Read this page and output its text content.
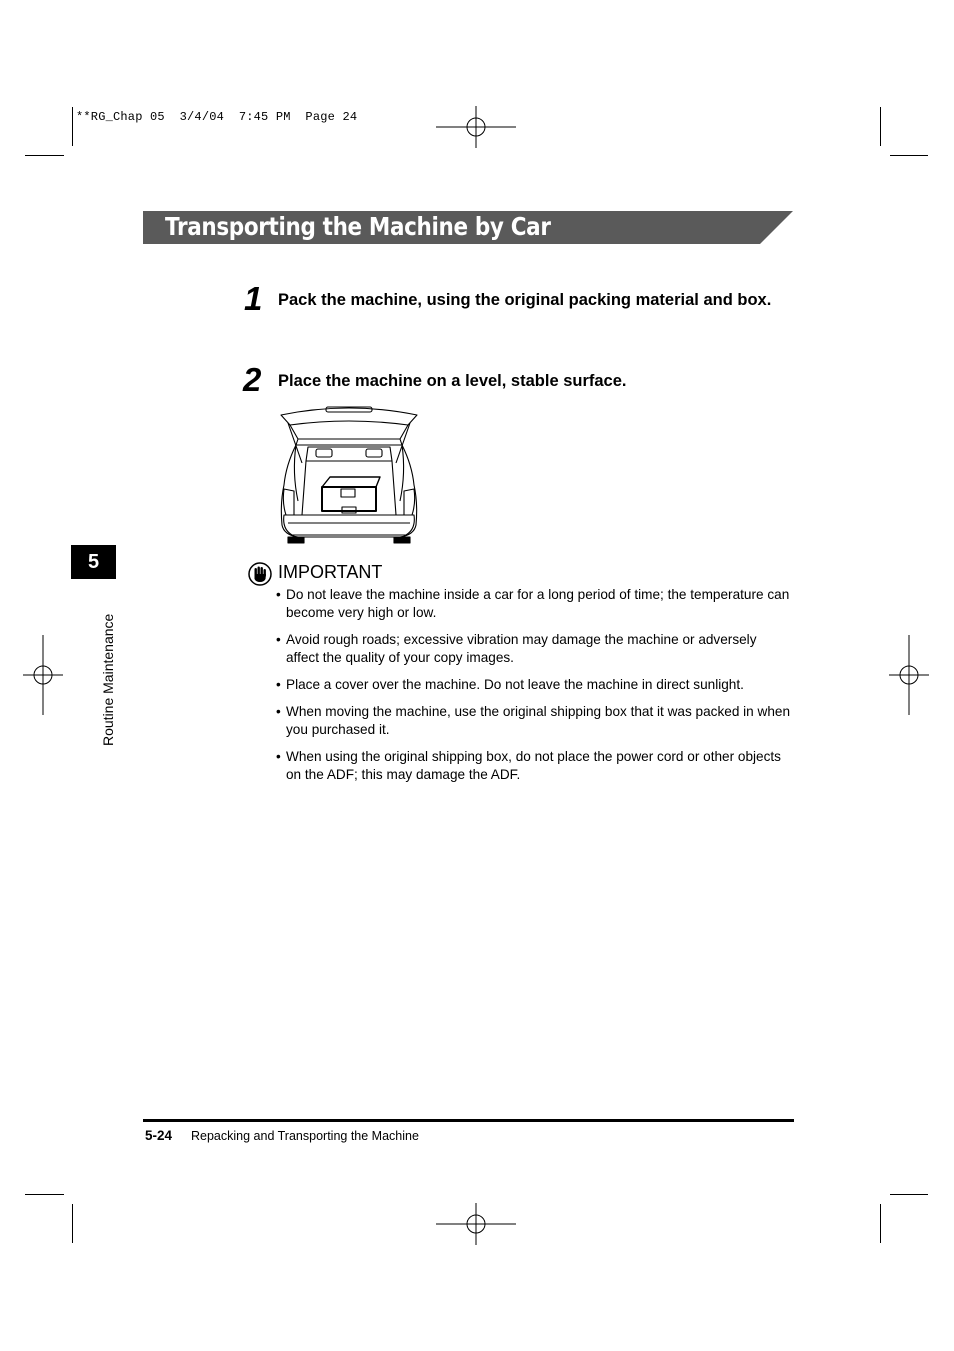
**RG_Chap 05  3/4/04  7:45 PM  Page 24
Transporting the Machine by Car
1 Pack the machine, using the original packing material and box.
2 Place the machine on a level, stable surface.
IMPORTANT
• Do not leave the machine inside a car for a long period of time; the temperature can become very high or low.
• Avoid rough roads; excessive vibration may damage the machine or adversely affect the quality of your copy images.
• Place a cover over the machine. Do not leave the machine in direct sunlight.
• When moving the machine, use the original shipping box that it was packed in when you purchased it.
• When using the original shipping box, do not place the power cord or other objects on the ADF; this may damage the ADF.
5
Routine Maintenance
5-24 Repacking and Transporting the Machine
